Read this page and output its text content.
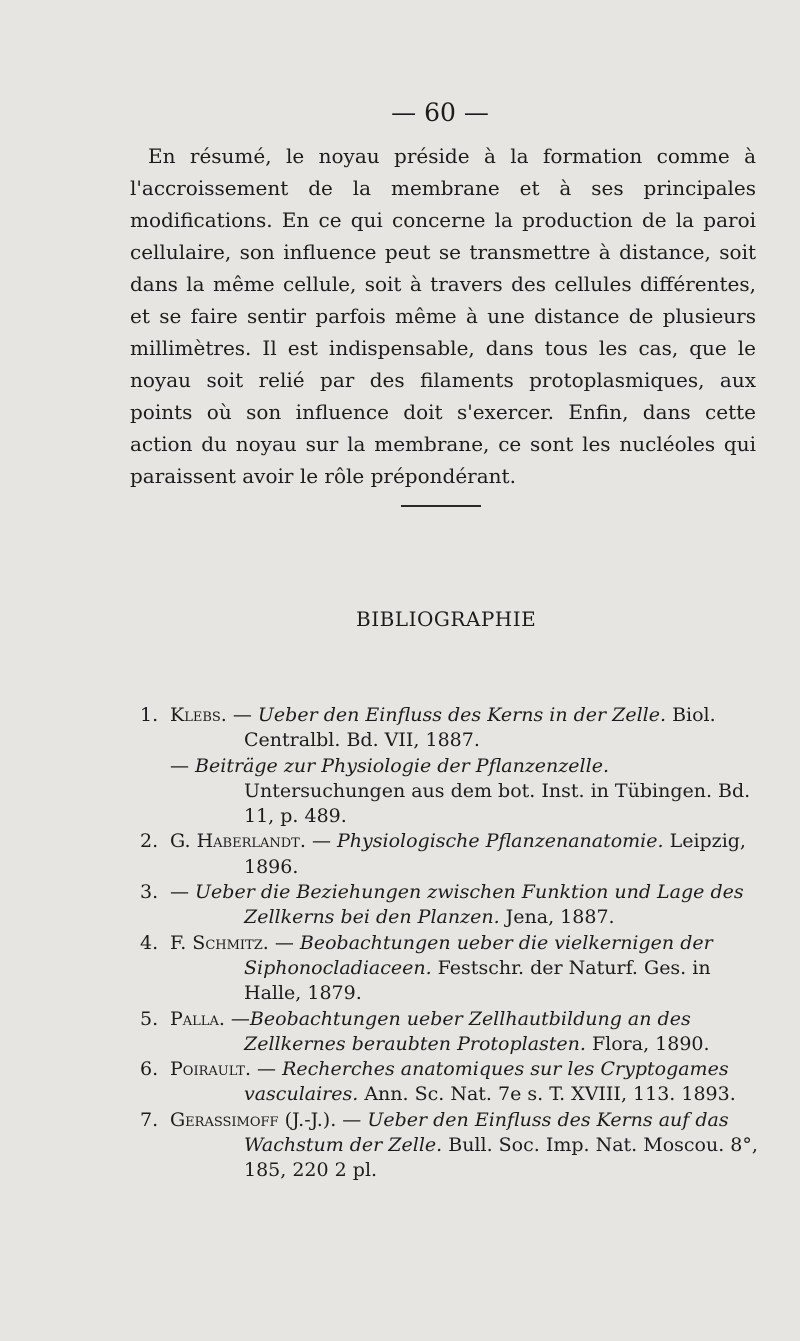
— 60 —

En résumé, le noyau préside à la formation comme à l'accroissement de la membrane et à ses principales modifications. En ce qui concerne la production de la paroi cellulaire, son influence peut se transmettre à distance, soit dans la même cellule, soit à travers des cellules différentes, et se faire sentir parfois même à une distance de plusieurs millimètres. Il est indispensable, dans tous les cas, que le noyau soit relié par des filaments protoplasmiques, aux points où son influence doit s'exercer. Enfin, dans cette action du noyau sur la membrane, ce sont les nucléoles qui paraissent avoir le rôle prépondérant.

BIBLIOGRAPHIE
1. Klebs. — Ueber den Einfluss des Kerns in der Zelle. Biol. Centralbl. Bd. VII, 1887.
— Beiträge zur Physiologie der Pflanzenzelle. Untersuchungen aus dem bot. Inst. in Tübingen. Bd. 11, p. 489.
2. G. Haberlandt. — Physiologische Pflanzenanatomie. Leipzig, 1896.
3. — Ueber die Beziehungen zwischen Funktion und Lage des Zellkerns bei den Planzen. Jena, 1887.
4. F. Schmitz. — Beobachtungen ueber die vielkernigen der Siphonocladiaceen. Festschr. der Naturf. Ges. in Halle, 1879.
5. Palla. —Beobachtungen ueber Zellhautbildung an des Zellkernes beraubten Protoplasten. Flora, 1890.
6. Poirault. — Recherches anatomiques sur les Cryptogames vasculaires. Ann. Sc. Nat. 7e s. T. XVIII, 113. 1893.
7. Gerassimoff (J.-J.). — Ueber den Einfluss des Kerns auf das Wachstum der Zelle. Bull. Soc. Imp. Nat. Moscou. 8°, 185, 220 2 pl.
